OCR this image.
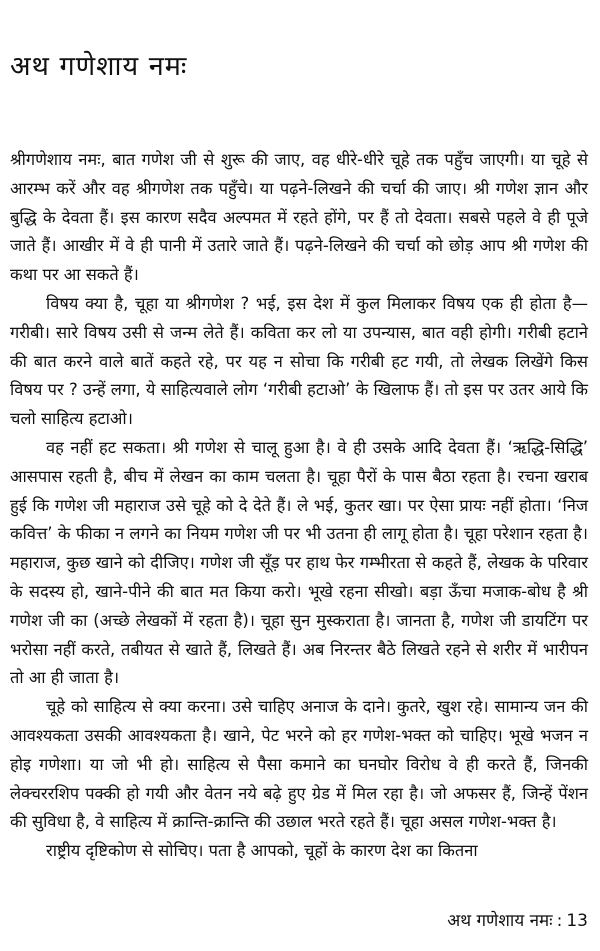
अथ गणेशाय नमः

श्रीगणेशाय नमः, बात गणेश जी से शुरू की जाए, वह धीरे-धीरे चूहे तक पहुँच जाएगी। या चूहे से आरम्भ करें और वह श्रीगणेश तक पहुँचे। या पढ़ने-लिखने की चर्चा की जाए। श्री गणेश ज्ञान और बुद्धि के देवता हैं। इस कारण सदैव अल्पमत में रहते होंगे, पर हैं तो देवता। सबसे पहले वे ही पूजे जाते हैं। आखीर में वे ही पानी में उतारे जाते हैं। पढ़ने-लिखने की चर्चा को छोड़ आप श्री गणेश की कथा पर आ सकते हैं।

विषय क्या है, चूहा या श्रीगणेश ? भई, इस देश में कुल मिलाकर विषय एक ही होता है—गरीबी। सारे विषय उसी से जन्म लेते हैं। कविता कर लो या उपन्यास, बात वही होगी। गरीबी हटाने की बात करने वाले बातें कहते रहे, पर यह न सोचा कि गरीबी हट गयी, तो लेखक लिखेंगे किस विषय पर ? उन्हें लगा, ये साहित्यवाले लोग ‘गरीबी हटाओ’ के खिलाफ हैं। तो इस पर उतर आये कि चलो साहित्य हटाओ।

वह नहीं हट सकता। श्री गणेश से चालू हुआ है। वे ही उसके आदि देवता हैं। ‘ऋद्धि-सिद्धि’ आसपास रहती है, बीच में लेखन का काम चलता है। चूहा पैरों के पास बैठा रहता है। रचना खराब हुई कि गणेश जी महाराज उसे चूहे को दे देते हैं। ले भई, कुतर खा। पर ऐसा प्रायः नहीं होता। ‘निज कवित्त’ के फीका न लगने का नियम गणेश जी पर भी उतना ही लागू होता है। चूहा परेशान रहता है। महाराज, कुछ खाने को दीजिए। गणेश जी सूँड़ पर हाथ फेर गम्भीरता से कहते हैं, लेखक के परिवार के सदस्य हो, खाने-पीने की बात मत किया करो। भूखे रहना सीखो। बड़ा ऊँचा मजाक-बोध है श्री गणेश जी का (अच्छे लेखकों में रहता है)। चूहा सुन मुस्कराता है। जानता है, गणेश जी डायटिंग पर भरोसा नहीं करते, तबीयत से खाते हैं, लिखते हैं। अब निरन्तर बैठे लिखते रहने से शरीर में भारीपन तो आ ही जाता है।

चूहे को साहित्य से क्या करना। उसे चाहिए अनाज के दाने। कुतरे, खुश रहे। सामान्य जन की आवश्यकता उसकी आवश्यकता है। खाने, पेट भरने को हर गणेश-भक्त को चाहिए। भूखे भजन न होइ गणेशा। या जो भी हो। साहित्य से पैसा कमाने का घनघोर विरोध वे ही करते हैं, जिनकी लेक्चररशिप पक्की हो गयी और वेतन नये बढ़े हुए ग्रेड में मिल रहा है। जो अफसर हैं, जिन्हें पेंशन की सुविधा है, वे साहित्य में क्रान्ति-क्रान्ति की उछाल भरते रहते हैं। चूहा असल गणेश-भक्त है।

राष्ट्रीय दृष्टिकोण से सोचिए। पता है आपको, चूहों के कारण देश का कितना

अथ गणेशाय नमः : 13
